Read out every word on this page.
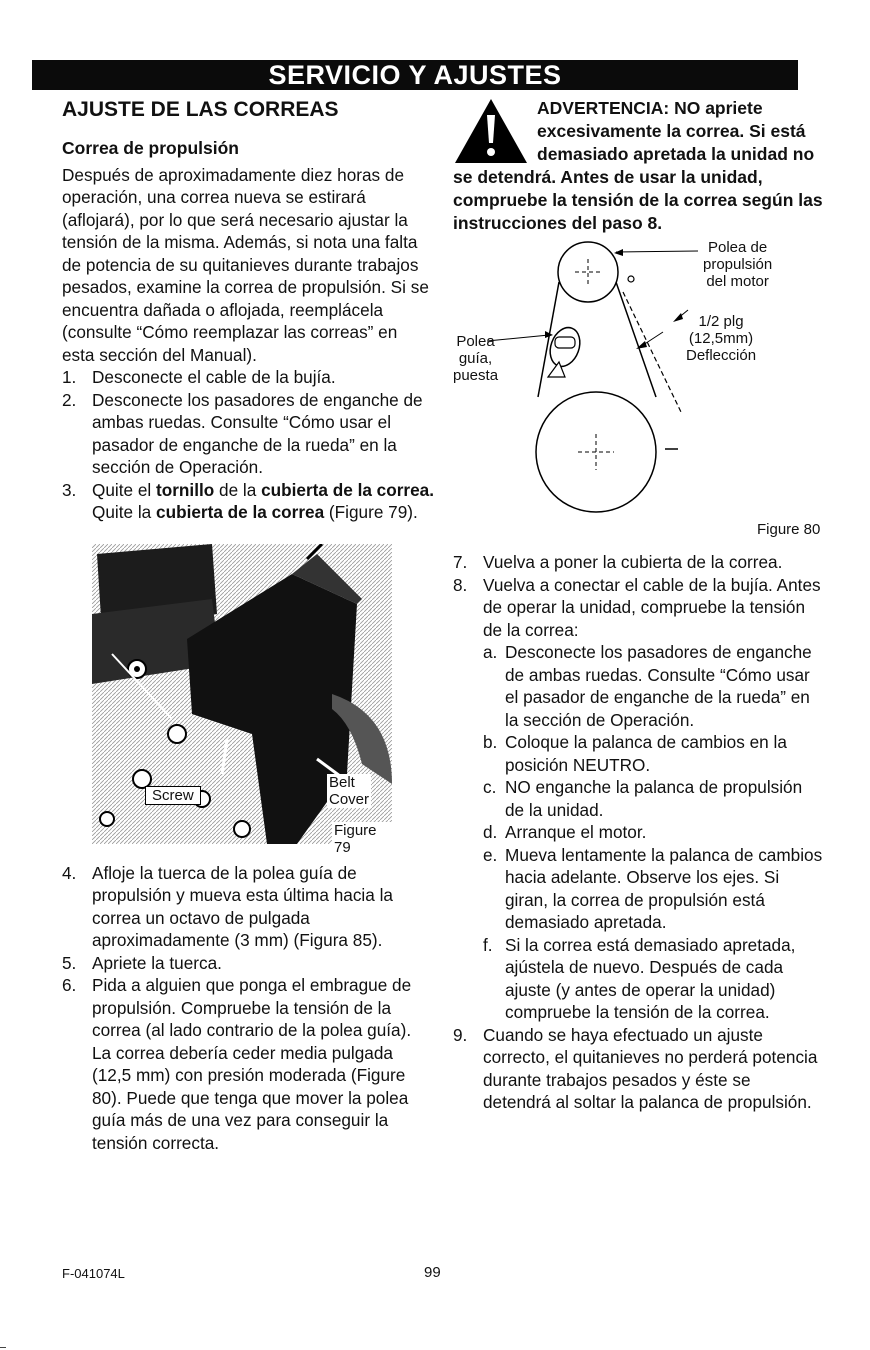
SERVICIO Y AJUSTES
AJUSTE DE LAS CORREAS
Correa de propulsión

Después de aproximadamente diez horas de operación, una correa nueva se estirará (aflojará), por lo que será necesario ajustar la tensión de la misma. Además, si nota una falta de potencia de su quitanieves durante trabajos pesados, examine la correa de propulsión. Si se encuentra dañada o aflojada, reemplácela (consulte “Cómo reemplazar las correas” en esta sección del Manual).

1. Desconecte el cable de la bujía.
2. Desconecte los pasadores de enganche de ambas ruedas. Consulte “Cómo usar el pasador de enganche de la rueda” en la sección de Operación.
3. Quite el tornillo de la cubierta de la correa. Quite la cubierta de la correa (Figure 79).
Screw
Belt
Cover
Figure 79
4. Afloje la tuerca de la polea guía de propulsión y mueva esta última hacia la correa un octavo de pulgada aproximadamente (3 mm) (Figura 85).
5. Apriete la tuerca.
6. Pida a alguien que ponga el embrague de propulsión. Compruebe la tensión de la correa (al lado contrario de la polea guía). La correa debería ceder media pulgada (12,5 mm) con presión moderada (Figure 80). Puede que tenga que mover la polea guía más de una vez para conseguir la tensión correcta.
ADVERTENCIA: NO apriete excesivamente la correa. Si está demasiado apretada la unidad no se detendrá. Antes de usar la unidad, compruebe la tensión de la correa según las instrucciones del paso 8.
Polea de
propulsión
del motor
1/2 plg
(12,5mm)
Deflección
Polea
guía,
puesta
Figure 80
7. Vuelva a poner la cubierta de la correa.
8. Vuelva a conectar el cable de la bujía. Antes de operar la unidad, compruebe la tensión de la correa:
a. Desconecte los pasadores de enganche de ambas ruedas. Consulte “Cómo usar el pasador de enganche de la rueda” en la sección de Operación.
b. Coloque la palanca de cambios en la posición NEUTRO.
c. NO enganche la palanca de propulsión de la unidad.
d. Arranque el motor.
e. Mueva lentamente la palanca de cambios hacia adelante. Observe los ejes. Si giran, la correa de propulsión está demasiado apretada.
f. Si la correa está demasiado apretada, ajústela de nuevo. Después de cada ajuste (y antes de operar la unidad) compruebe la tensión de la correa.
9. Cuando se haya efectuado un ajuste correcto, el quitanieves no perderá potencia durante trabajos pesados y éste se detendrá al soltar la palanca de propulsión.
F-041074L	99
